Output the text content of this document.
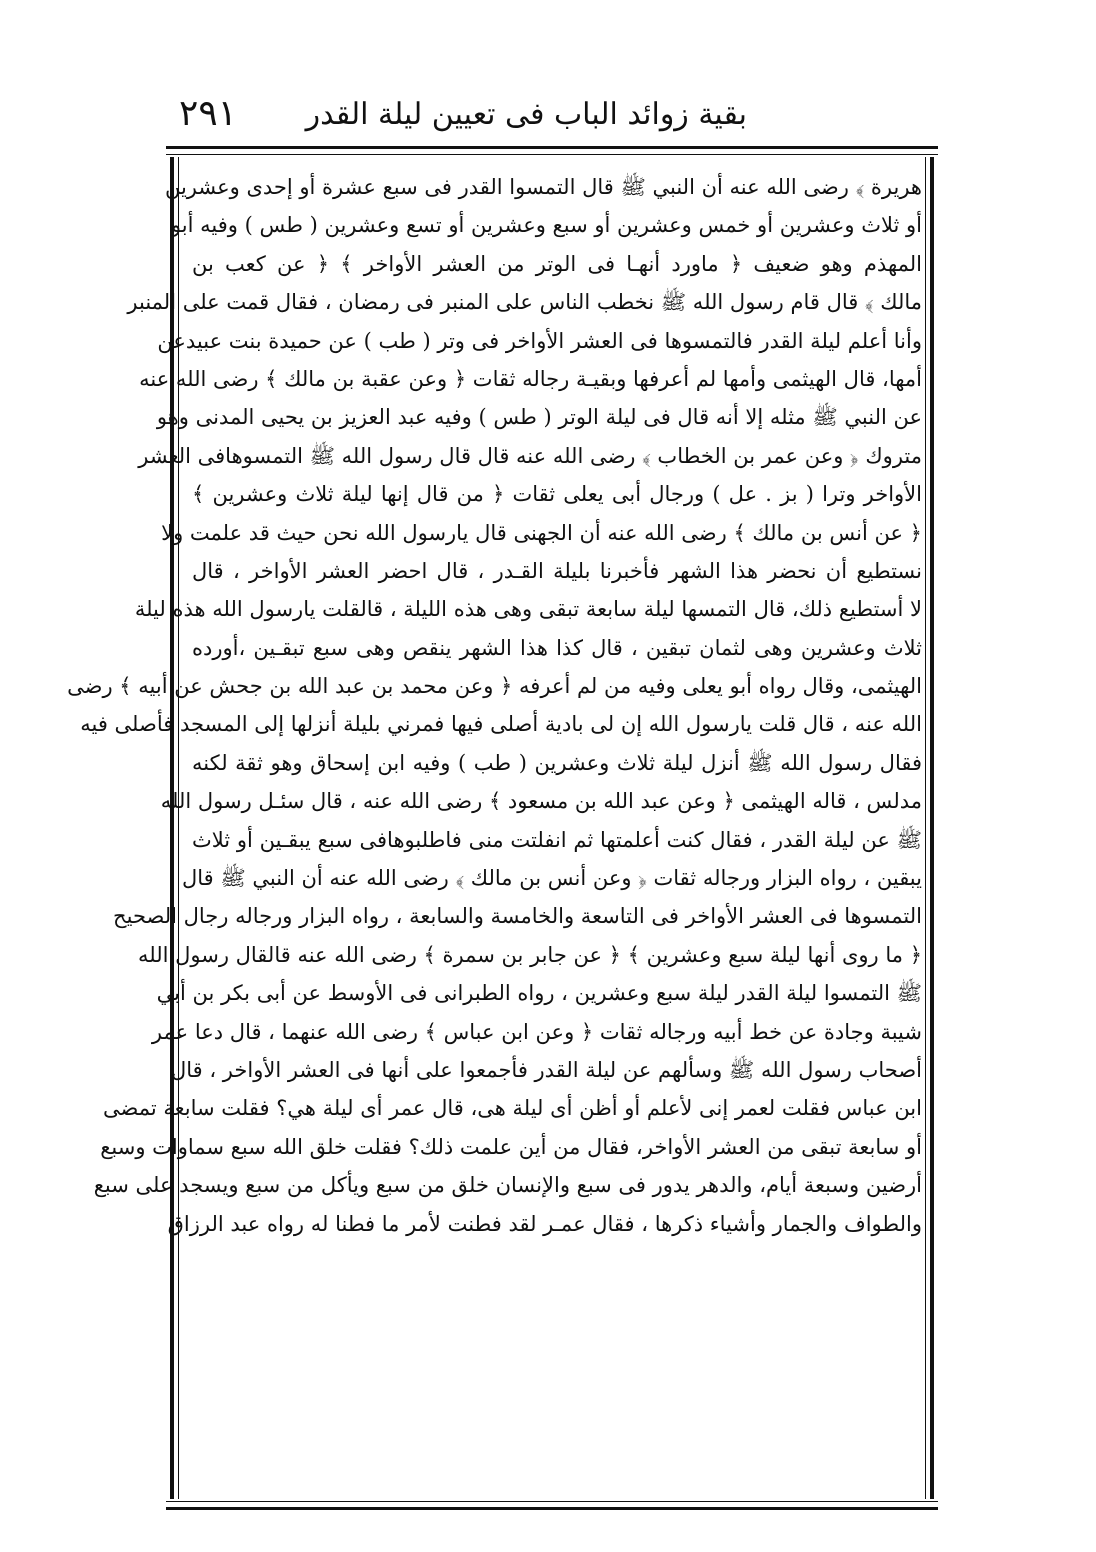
بقية زوائد الباب فى تعيين ليلة القدر
٢٩١
هريرة ﴾ رضى الله عنه أن النبي ﷺ قال التمسوا القدر فى سبع عشرة أو إحدى وعشرين
أو ثلاث وعشرين أو خمس وعشرين أو سبع وعشرين أو تسع وعشرين ( طس ) وفيه أبو
المهذم وهو ضعيف ﴿ ماورد أنهـا فى الوتر من العشر الأواخر ﴾ ﴿ عن كعب بن
مالك ﴾ قال قام رسول الله ﷺ نخطب الناس على المنبر فى رمضان ، فقال قمت على المنبر
وأنا أعلم ليلة القدر فالتمسوها فى العشر الأواخر فى وتر ( طب ) عن حميدة بنت عبيدعن
أمها، قال الهيثمى وأمها لم أعرفها وبقيـة رجاله ثقات ﴿ وعن عقبة بن مالك ﴾ رضى الله عنه
عن النبي ﷺ مثله إلا أنه قال فى ليلة الوتر ( طس ) وفيه عبد العزيز بن يحيى المدنى وهو
متروك ﴿ وعن عمر بن الخطاب ﴾ رضى الله عنه قال قال رسول الله ﷺ التمسوهافى العشر
الأواخر وترا ( بز . عل ) ورجال أبى يعلى ثقات ﴿ من قال إنها ليلة ثلاث وعشرين ﴾
﴿ عن أنس بن مالك ﴾ رضى الله عنه أن الجهنى قال يارسول الله نحن حيث قد علمت ولا
نستطيع أن نحضر هذا الشهر فأخبرنا بليلة القـدر ، قال احضر العشر الأواخر ، قال
لا أستطيع ذلك، قال التمسها ليلة سابعة تبقى وهى هذه الليلة ، قالقلت يارسول الله هذه ليلة
ثلاث وعشرين وهى لثمان تبقين ، قال كذا هذا الشهر ينقص وهى سبع تبقـين ،أورده
الهيثمى، وقال رواه أبو يعلى وفيه من لم أعرفه ﴿ وعن محمد بن عبد الله بن جحش عن أبيه ﴾ رضى
الله عنه ، قال قلت يارسول الله إن لى بادية أصلى فيها فمرني بليلة أنزلها إلى المسجد فأصلى فيه
فقال رسول الله ﷺ أنزل ليلة ثلاث وعشرين ( طب ) وفيه ابن إسحاق وهو ثقة لكنه
مدلس ، قاله الهيثمى ﴿ وعن عبد الله بن مسعود ﴾ رضى الله عنه ، قال سئـل رسول الله
ﷺ عن ليلة القدر ، فقال كنت أعلمتها ثم انفلتت منى فاطلبوهافى سبع يبقـين أو ثلاث
يبقين ، رواه البزار ورجاله ثقات ﴿ وعن أنس بن مالك ﴾ رضى الله عنه أن النبي ﷺ قال
التمسوها فى العشر الأواخر فى التاسعة والخامسة والسابعة ، رواه البزار ورجاله رجال الصحيح
﴿ ما روى أنها ليلة سبع وعشرين ﴾ ﴿ عن جابر بن سمرة ﴾ رضى الله عنه قالقال رسول الله
ﷺ التمسوا ليلة القدر ليلة سبع وعشرين ، رواه الطبرانى فى الأوسط عن أبى بكر بن أبي
شيبة وجادة عن خط أبيه ورجاله ثقات ﴿ وعن ابن عباس ﴾ رضى الله عنهما ، قال دعا عمر
أصحاب رسول الله ﷺ وسألهم عن ليلة القدر فأجمعوا على أنها فى العشر الأواخر ، قال
ابن عباس فقلت لعمر إنى لأعلم أو أظن أى ليلة هى، قال عمر أى ليلة هي؟ فقلت سابعة تمضى
أو سابعة تبقى من العشر الأواخر، فقال من أين علمت ذلك؟ فقلت خلق الله سبع سماوات وسبع
أرضين وسبعة أيام، والدهر يدور فى سبع والإنسان خلق من سبع ويأكل من سبع ويسجد على سبع
والطواف والجمار وأشياء ذكرها ، فقال عمـر لقد فطنت لأمر ما فطنا له رواه عبد الرزاق
